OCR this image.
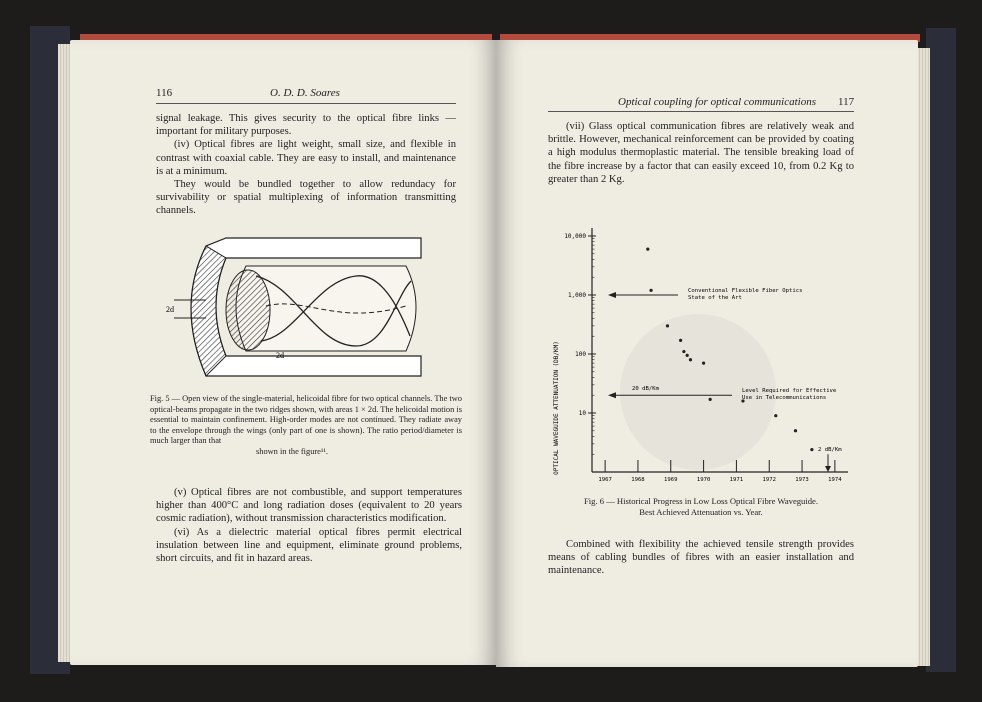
116	O. D. D. Soares

signal leakage. This gives security to the optical fibre links — important for military purposes.

(iv) Optical fibres are light weight, small size, and flexible in contrast with coaxial cable. They are easy to install, and maintenance is at a minimum.

They would be bundled together to allow redundacy for survivability or spatial multiplexing of information transmitting channels.

2d
2d
Fig. 5 — Open view of the single-material, helicoidal fibre for two optical channels. The two optical-beams propagate in the two ridges shown, with areas 1 × 2d. The helicoidal motion is essential to maintain confinement. High-order modes are not continued. They radiate away to the envelope through the wings (only part of one is shown). The ratio period/diameter is much larger than that
shown in the figure¹¹.

(v) Optical fibres are not combustible, and support temperatures higher than 400°C and long radiation doses (equivalent to 20 years cosmic radiation), without transmission characteristics modification.

(vi) As a dielectric material optical fibres permit electrical insulation between line and equipment, eliminate ground problems, short circuits, and fit in hazard areas.

Optical coupling for optical communications 117

(vii) Glass optical communication fibres are relatively weak and brittle. However, mechanical reinforcement can be provided by coating a high modulus thermoplastic material. The tensible breaking load of the fibre increase by a factor that can easily exceed 10, from 0.2 Kg to greater than 2 Kg.

OPTICAL WAVEGUIDE ATTENUATION (DB/KM)
10,000
1,000
100
10
1967	1968	1969	1970	1971	1972	1973	1974
Conventional Flexible Fiber Optics
State of the Art
20 dB/Km	Level Required for Effective
Use in Telecommunications
2 dB/Km
Fig. 6 — Historical Progress in Low Loss Optical Fibre Waveguide.
Best Achieved Attenuation vs. Year.

Combined with flexibility the achieved tensile strength provides means of cabling bundles of fibres with an easier installation and maintenance.
